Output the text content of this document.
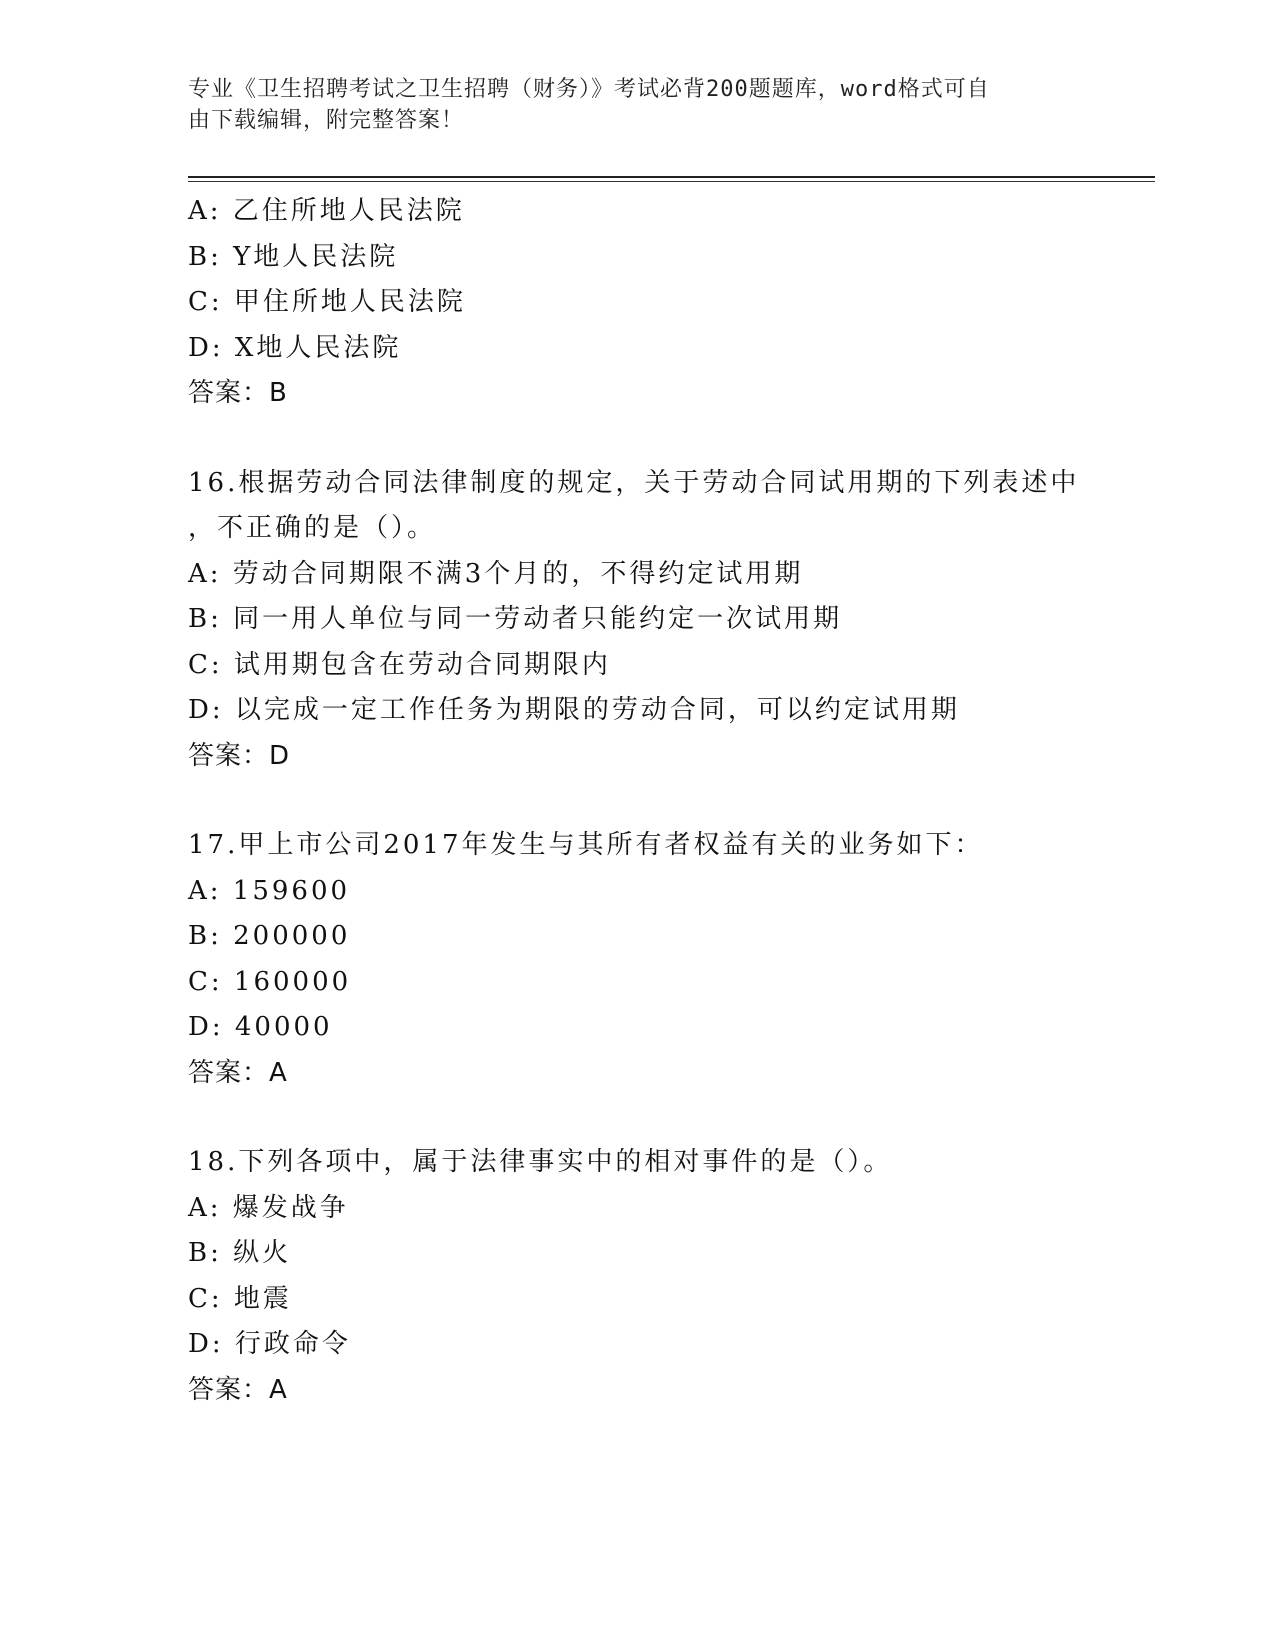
专业《卫生招聘考试之卫生招聘（财务）》考试必背200题题库，word格式可自
由下载编辑，附完整答案！
A: 乙住所地人民法院
B: Y地人民法院
C: 甲住所地人民法院
D: X地人民法院
答案：B
16.根据劳动合同法律制度的规定，关于劳动合同试用期的下列表述中
，不正确的是（）。
A: 劳动合同期限不满3个月的，不得约定试用期
B: 同一用人单位与同一劳动者只能约定一次试用期
C: 试用期包含在劳动合同期限内
D: 以完成一定工作任务为期限的劳动合同，可以约定试用期
答案：D
17.甲上市公司2017年发生与其所有者权益有关的业务如下：
A: 159600
B: 200000
C: 160000
D: 40000
答案：A
18.下列各项中，属于法律事实中的相对事件的是（）。
A: 爆发战争
B: 纵火
C: 地震
D: 行政命令
答案：A
